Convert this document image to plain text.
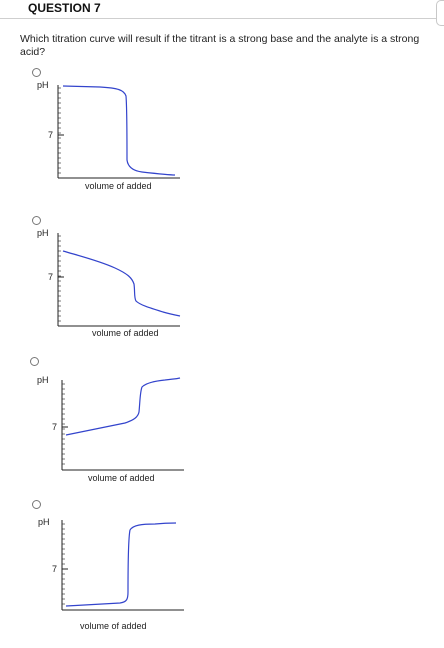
QUESTION 7
Which titration curve will result if the titrant is a strong base and the analyte is a strong acid?
pH
7
volume of added
pH
7
volume of added
pH
7
volume of added
pH
7
volume of added
